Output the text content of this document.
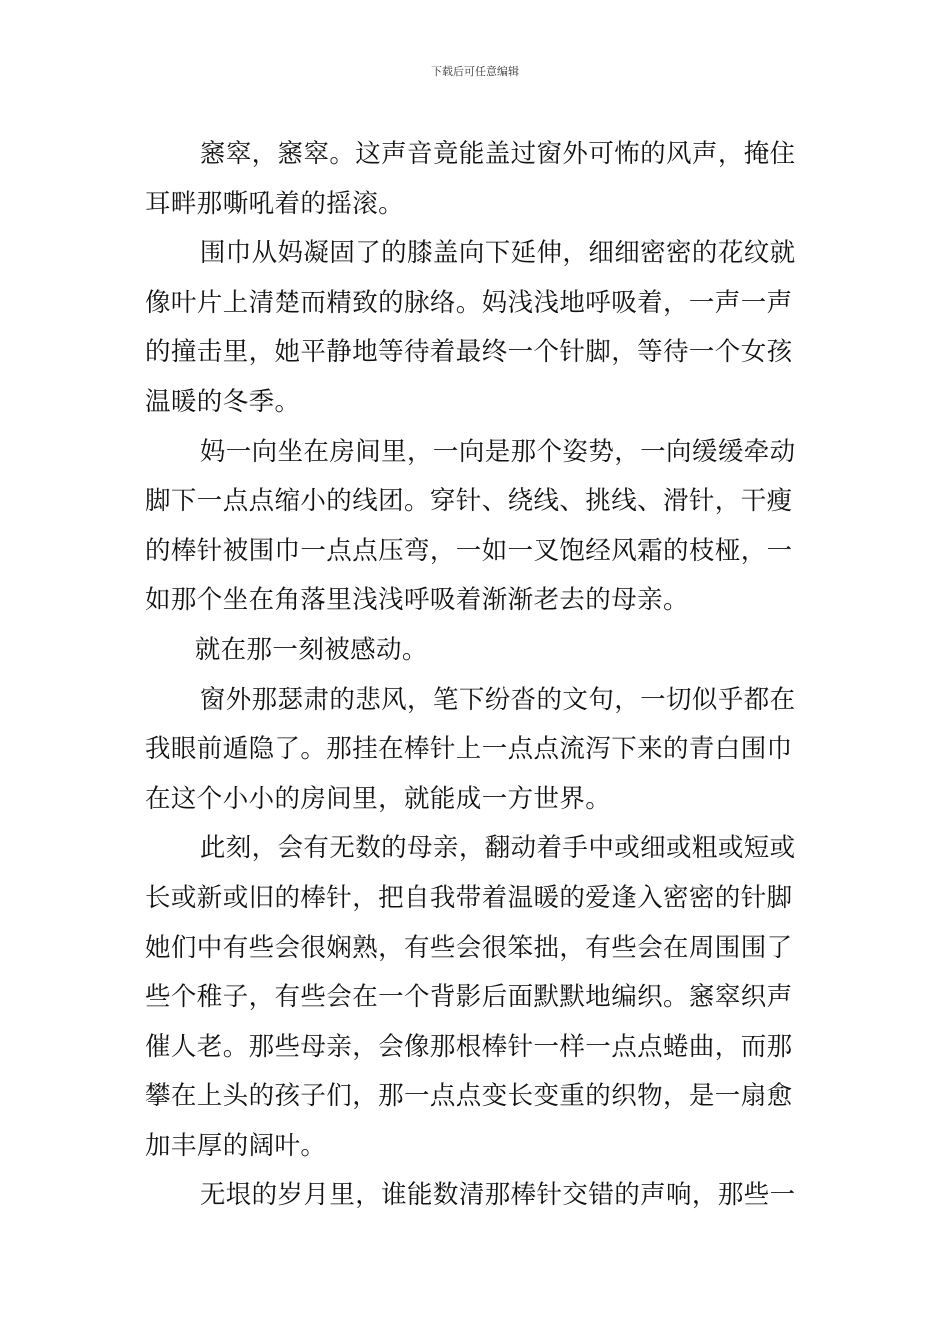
下载后可任意编辑

窸窣，窸窣。这声音竟能盖过窗外可怖的风声，掩住
耳畔那嘶吼着的摇滚。

围巾从妈凝固了的膝盖向下延伸，细细密密的花纹就
像叶片上清楚而精致的脉络。妈浅浅地呼吸着，一声一声
的撞击里，她平静地等待着最终一个针脚，等待一个女孩
温暖的冬季。

妈一向坐在房间里，一向是那个姿势，一向缓缓牵动
脚下一点点缩小的线团。穿针、绕线、挑线、滑针，干瘦
的棒针被围巾一点点压弯，一如一叉饱经风霜的枝桠，一
如那个坐在角落里浅浅呼吸着渐渐老去的母亲。

就在那一刻被感动。

窗外那瑟肃的悲风，笔下纷沓的文句，一切似乎都在
我眼前遁隐了。那挂在棒针上一点点流泻下来的青白围巾
在这个小小的房间里，就能成一方世界。

此刻，会有无数的母亲，翻动着手中或细或粗或短或
长或新或旧的棒针，把自我带着温暖的爱逢入密密的针脚
她们中有些会很娴熟，有些会很笨拙，有些会在周围围了
些个稚子，有些会在一个背影后面默默地编织。窸窣织声
催人老。那些母亲，会像那根棒针一样一点点蜷曲，而那
攀在上头的孩子们，那一点点变长变重的织物，是一扇愈
加丰厚的阔叶。

无垠的岁月里，谁能数清那棒针交错的声响，那些一
